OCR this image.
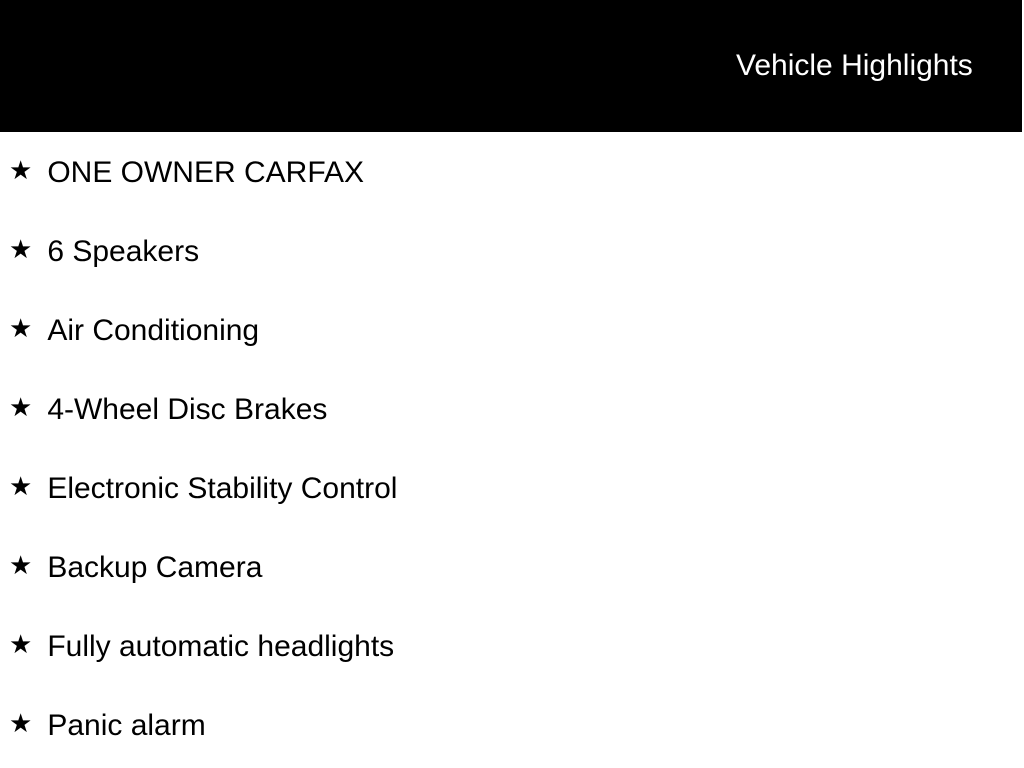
Vehicle Highlights
★ ONE OWNER CARFAX
★ 6 Speakers
★ Air Conditioning
★ 4-Wheel Disc Brakes
★ Electronic Stability Control
★ Backup Camera
★ Fully automatic headlights
★ Panic alarm
